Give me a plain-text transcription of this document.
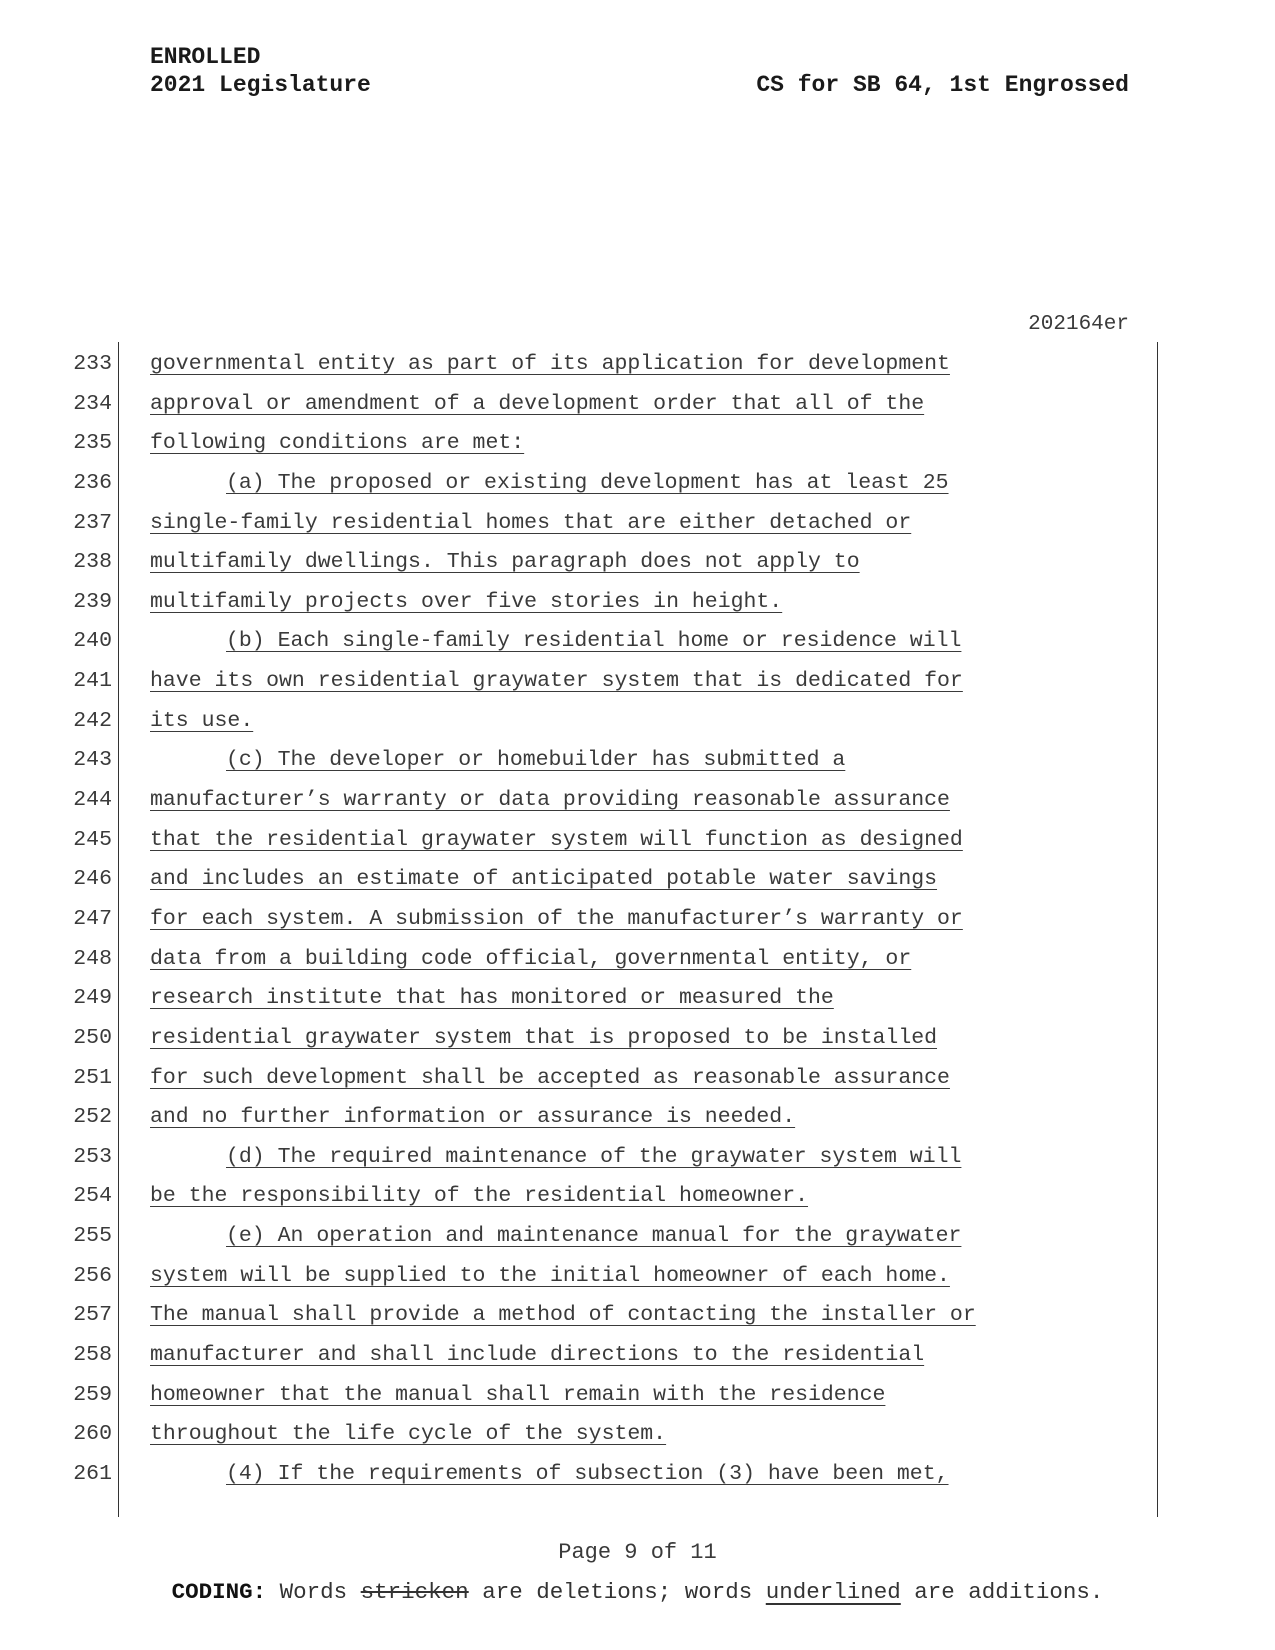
ENROLLED
2021 Legislature	CS for SB 64, 1st Engrossed
202164er
233 governmental entity as part of its application for development
234 approval or amendment of a development order that all of the
235 following conditions are met:
236	(a) The proposed or existing development has at least 25
237 single-family residential homes that are either detached or
238 multifamily dwellings. This paragraph does not apply to
239 multifamily projects over five stories in height.
240	(b) Each single-family residential home or residence will
241 have its own residential graywater system that is dedicated for
242 its use.
243	(c) The developer or homebuilder has submitted a
244 manufacturer’s warranty or data providing reasonable assurance
245 that the residential graywater system will function as designed
246 and includes an estimate of anticipated potable water savings
247 for each system. A submission of the manufacturer’s warranty or
248 data from a building code official, governmental entity, or
249 research institute that has monitored or measured the
250 residential graywater system that is proposed to be installed
251 for such development shall be accepted as reasonable assurance
252 and no further information or assurance is needed.
253	(d) The required maintenance of the graywater system will
254 be the responsibility of the residential homeowner.
255	(e) An operation and maintenance manual for the graywater
256 system will be supplied to the initial homeowner of each home.
257 The manual shall provide a method of contacting the installer or
258 manufacturer and shall include directions to the residential
259 homeowner that the manual shall remain with the residence
260 throughout the life cycle of the system.
261	(4) If the requirements of subsection (3) have been met,
Page 9 of 11
CODING: Words stricken are deletions; words underlined are additions.
